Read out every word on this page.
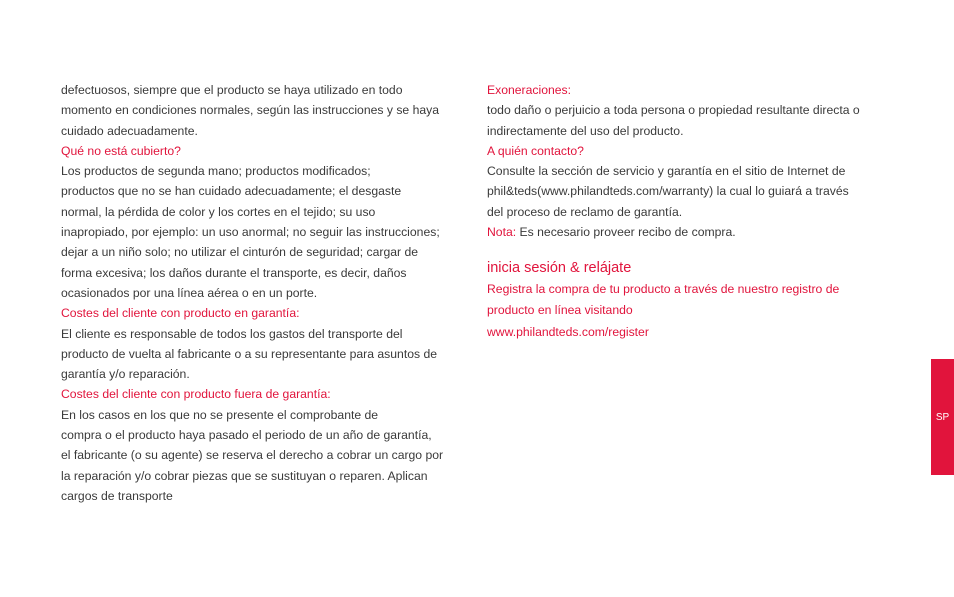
defectuosos, siempre que el producto se haya utilizado en todo
momento en condiciones normales, según las instrucciones y se haya
cuidado adecuadamente.
Qué no está cubierto?
Los productos de segunda mano; productos modificados;
productos que no se han cuidado adecuadamente; el desgaste
normal, la pérdida de color y los cortes en el tejido; su uso
inapropiado, por ejemplo: un uso anormal; no seguir las instrucciones;
dejar a un niño solo; no utilizar el cinturón de seguridad; cargar de
forma excesiva; los daños durante el transporte, es decir, daños
ocasionados por una línea aérea o en un porte.
Costes del cliente con producto en garantía:
El cliente es responsable de todos los gastos del transporte del
producto de vuelta al fabricante o a su representante para asuntos de
garantía y/o reparación.
Costes del cliente con producto fuera de garantía:
En los casos en los que no se presente el comprobante de
compra o el producto haya pasado el periodo de un año de garantía,
el fabricante (o su agente) se reserva el derecho a cobrar un cargo por
la reparación y/o cobrar piezas que se sustituyan o reparen. Aplican
cargos de transporte
Exoneraciones:
todo daño o perjuicio a toda persona o propiedad resultante directa o
indirectamente del uso del producto.
A quién contacto?
Consulte la sección de servicio y garantía en el sitio de Internet de
phil&teds(www.philandteds.com/warranty) la cual lo guiará a través
del proceso de reclamo de garantía.
Nota: Es necesario proveer recibo de compra.
inicia sesión & relájate
Registra la compra de tu producto a través de nuestro registro de
producto en línea visitando
www.philandteds.com/register
SP
